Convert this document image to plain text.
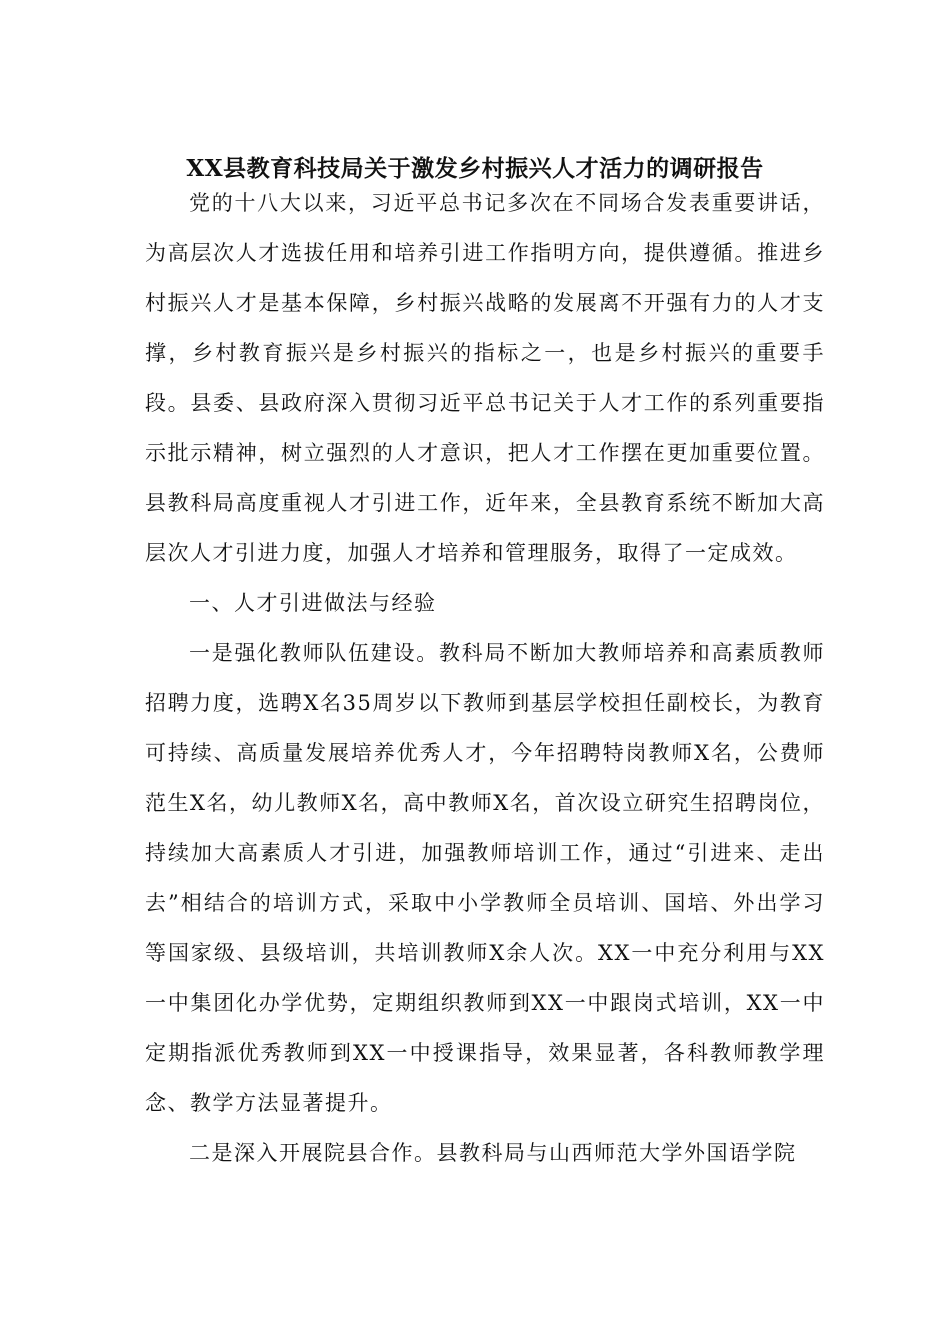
XX县教育科技局关于激发乡村振兴人才活力的调研报告

党的十八大以来，习近平总书记多次在不同场合发表重要讲话，为高层次人才选拔任用和培养引进工作指明方向，提供遵循。推进乡村振兴人才是基本保障，乡村振兴战略的发展离不开强有力的人才支撑，乡村教育振兴是乡村振兴的指标之一，也是乡村振兴的重要手段。县委、县政府深入贯彻习近平总书记关于人才工作的系列重要指示批示精神，树立强烈的人才意识，把人才工作摆在更加重要位置。县教科局高度重视人才引进工作，近年来，全县教育系统不断加大高层次人才引进力度，加强人才培养和管理服务，取得了一定成效。

一、人才引进做法与经验

一是强化教师队伍建设。教科局不断加大教师培养和高素质教师招聘力度，选聘X名35周岁以下教师到基层学校担任副校长，为教育可持续、高质量发展培养优秀人才，今年招聘特岗教师X名，公费师范生X名，幼儿教师X名，高中教师X名，首次设立研究生招聘岗位，持续加大高素质人才引进，加强教师培训工作，通过“引进来、走出去”相结合的培训方式，采取中小学教师全员培训、国培、外出学习等国家级、县级培训，共培训教师X余人次。XX一中充分利用与XX一中集团化办学优势，定期组织教师到XX一中跟岗式培训，XX一中定期指派优秀教师到XX一中授课指导，效果显著，各科教师教学理念、教学方法显著提升。

二是深入开展院县合作。县教科局与山西师范大学外国语学院
